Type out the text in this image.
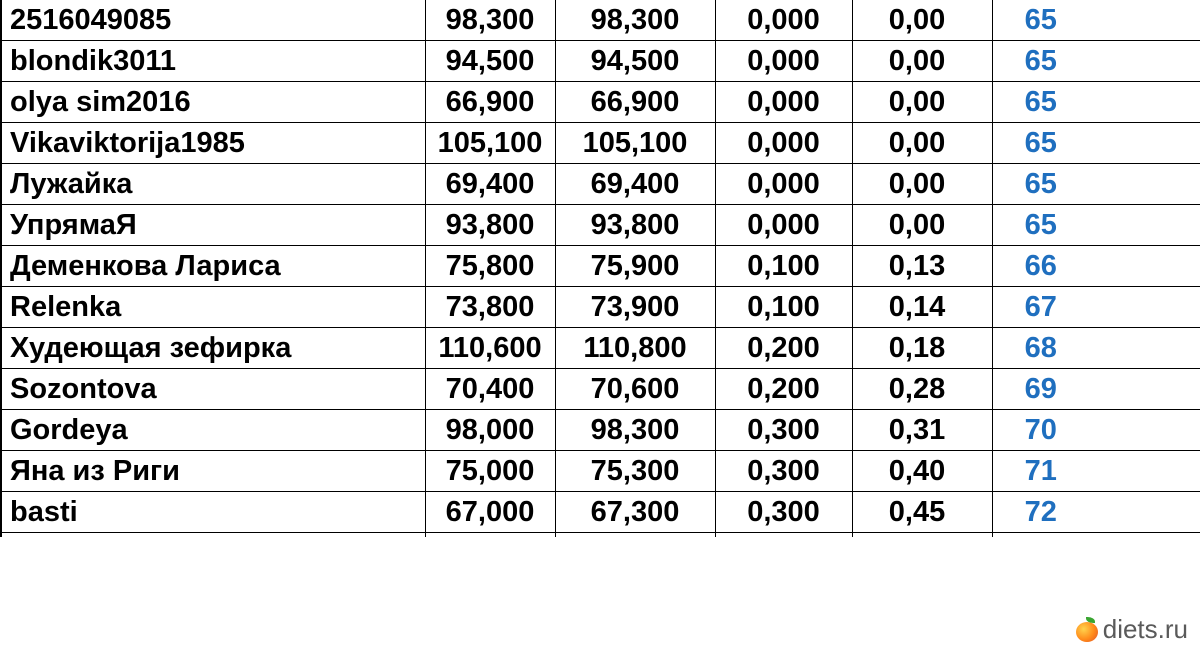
2516049085	98,300	98,300	0,000	0,00	65
blondik3011	94,500	94,500	0,000	0,00	65
olya sim2016	66,900	66,900	0,000	0,00	65
Vikaviktorija1985	105,100	105,100	0,000	0,00	65
Лужайка	69,400	69,400	0,000	0,00	65
УпрямаЯ	93,800	93,800	0,000	0,00	65
Деменкова Лариса	75,800	75,900	0,100	0,13	66
Relenka	73,800	73,900	0,100	0,14	67
Худеющая зефирка	110,600	110,800	0,200	0,18	68
Sozontova	70,400	70,600	0,200	0,28	69
Gordeya	98,000	98,300	0,300	0,31	70
Яна из Риги	75,000	75,300	0,300	0,40	71
basti	67,000	67,300	0,300	0,45	72

diets.ru
